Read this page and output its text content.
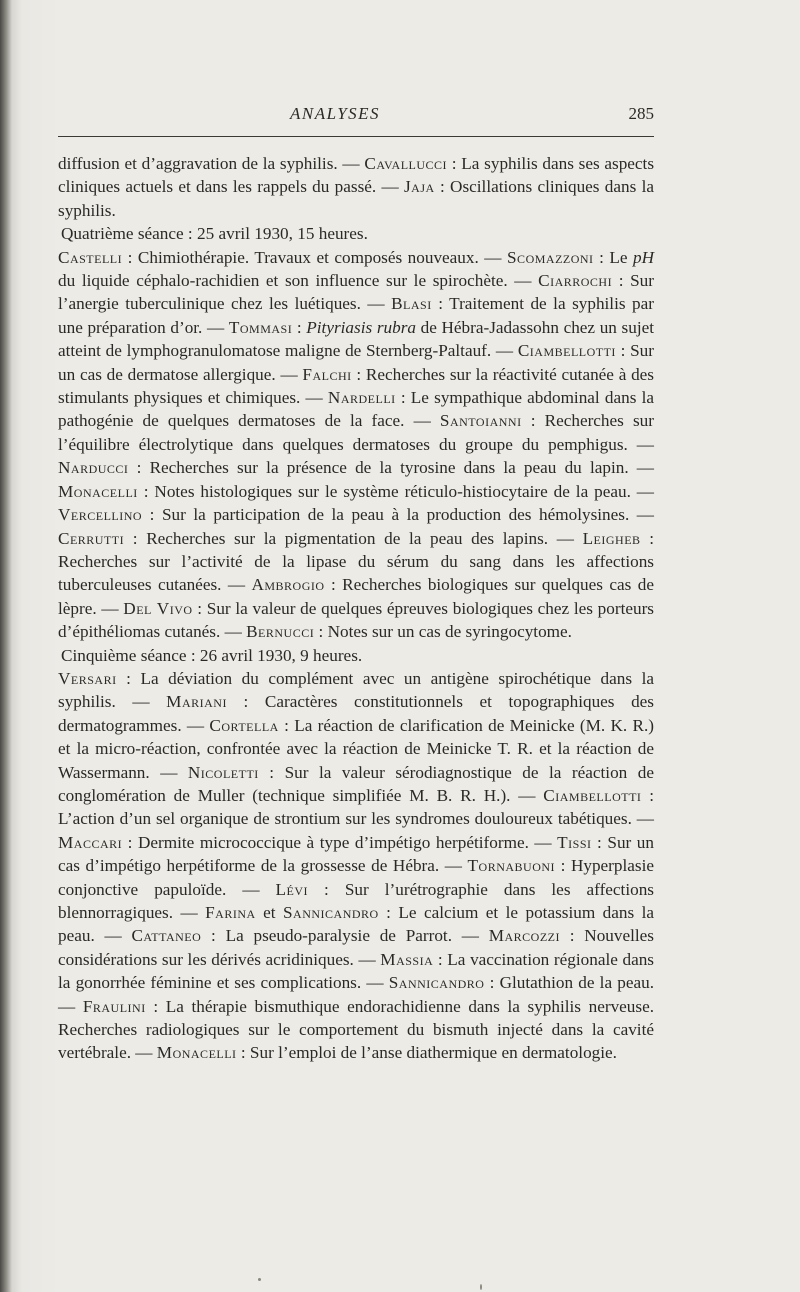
ANALYSES	285

diffusion et d’aggravation de la syphilis. — Cavallucci : La syphilis dans ses aspects cliniques actuels et dans les rappels du passé. — Jaja : Oscillations cliniques dans la syphilis.

Quatrième séance : 25 avril 1930, 15 heures.

Castelli : Chimiothérapie. Travaux et composés nouveaux. — Scomazzoni : Le pH du liquide céphalo-rachidien et son influence sur le spirochète. — Ciarrochi : Sur l’anergie tuberculinique chez les luétiques. — Blasi : Traitement de la syphilis par une préparation d’or. — Tommasi : Pityriasis rubra de Hébra-Jadassohn chez un sujet atteint de lymphogranulomatose maligne de Sternberg-Paltauf. — Ciambellotti : Sur un cas de dermatose allergique. — Falchi : Recherches sur la réactivité cutanée à des stimulants physiques et chimiques. — Nardelli : Le sympathique abdominal dans la pathogénie de quelques dermatoses de la face. — Santoianni : Recherches sur l’équilibre électrolytique dans quelques dermatoses du groupe du pemphigus. — Narducci : Recherches sur la présence de la tyrosine dans la peau du lapin. — Monacelli : Notes histologiques sur le système réticulo-histiocytaire de la peau. — Vercellino : Sur la participation de la peau à la production des hémolysines. — Cerrutti : Recherches sur la pigmentation de la peau des lapins. — Leigheb : Recherches sur l’activité de la lipase du sérum du sang dans les affections tuberculeuses cutanées. — Ambrogio : Recherches biologiques sur quelques cas de lèpre. — Del Vivo : Sur la valeur de quelques épreuves biologiques chez les porteurs d’épithéliomas cutanés. — Bernucci : Notes sur un cas de syringocytome.

Cinquième séance : 26 avril 1930, 9 heures.

Versari : La déviation du complément avec un antigène spirochétique dans la syphilis. — Mariani : Caractères constitutionnels et topographiques des dermatogrammes. — Cortella : La réaction de clarification de Meinicke (M. K. R.) et la micro-réaction, confrontée avec la réaction de Meinicke T. R. et la réaction de Wassermann. — Nicoletti : Sur la valeur sérodiagnostique de la réaction de conglomération de Muller (technique simplifiée M. B. R. H.). — Ciambellotti : L’action d’un sel organique de strontium sur les syndromes douloureux tabétiques. — Maccari : Dermite micrococcique à type d’impétigo herpétiforme. — Tissi : Sur un cas d’impétigo herpétiforme de la grossesse de Hébra. — Tornabuoni : Hyperplasie conjonctive papuloïde. — Lévi : Sur l’urétrographie dans les affections blennorragiques. — Farina et Sannicandro : Le calcium et le potassium dans la peau. — Cattaneo : La pseudo-paralysie de Parrot. — Marcozzi : Nouvelles considérations sur les dérivés acridiniques. — Massia : La vaccination régionale dans la gonorrhée féminine et ses complications. — Sannicandro : Glutathion de la peau. — Fraulini : La thérapie bismuthique endorachidienne dans la syphilis nerveuse. Recherches radiologiques sur le comportement du bismuth injecté dans la cavité vertébrale. — Monacelli : Sur l’emploi de l’anse diathermique en dermatologie.
